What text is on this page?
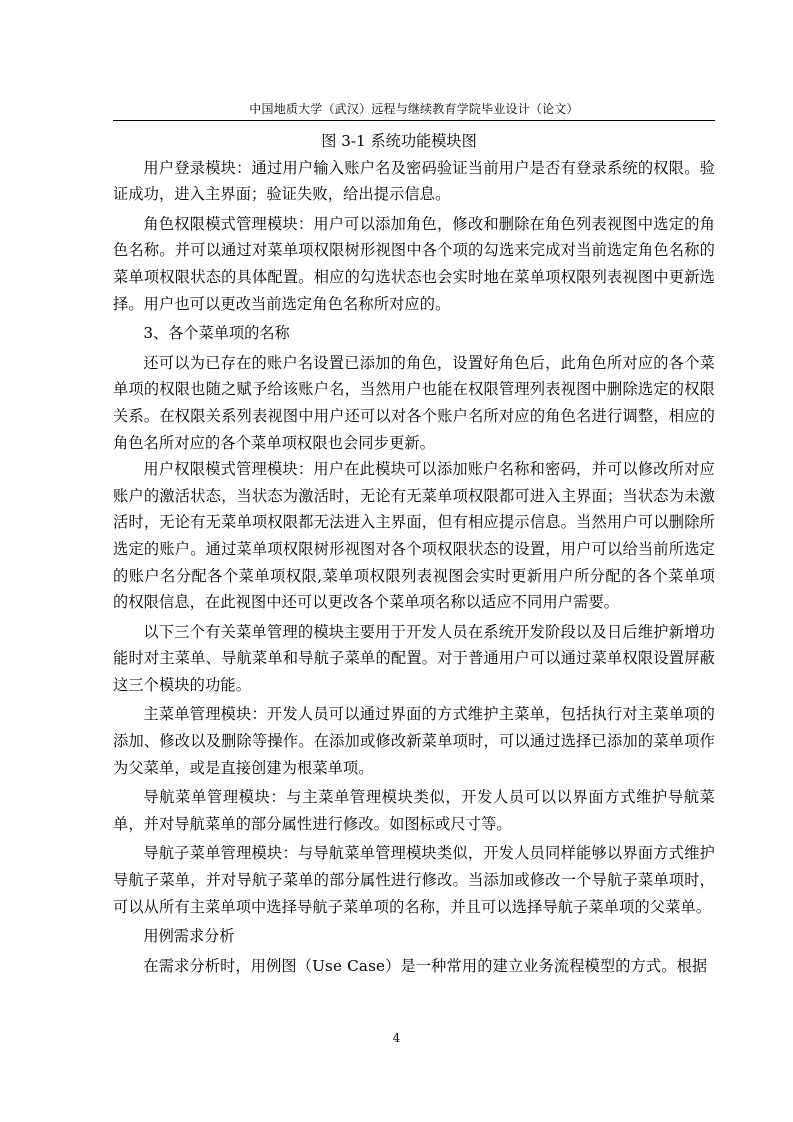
中国地质大学（武汉）远程与继续教育学院毕业设计（论文）

图 3-1 系统功能模块图

用户登录模块：通过用户输入账户名及密码验证当前用户是否有登录系统的权限。验证成功，进入主界面；验证失败，给出提示信息。

角色权限模式管理模块：用户可以添加角色，修改和删除在角色列表视图中选定的角色名称。并可以通过对菜单项权限树形视图中各个项的勾选来完成对当前选定角色名称的菜单项权限状态的具体配置。相应的勾选状态也会实时地在菜单项权限列表视图中更新选择。用户也可以更改当前选定角色名称所对应的。

3、各个菜单项的名称

还可以为已存在的账户名设置已添加的角色，设置好角色后，此角色所对应的各个菜单项的权限也随之赋予给该账户名，当然用户也能在权限管理列表视图中删除选定的权限关系。在权限关系列表视图中用户还可以对各个账户名所对应的角色名进行调整，相应的角色名所对应的各个菜单项权限也会同步更新。

用户权限模式管理模块：用户在此模块可以添加账户名称和密码，并可以修改所对应账户的激活状态，当状态为激活时，无论有无菜单项权限都可进入主界面；当状态为未激活时，无论有无菜单项权限都无法进入主界面，但有相应提示信息。当然用户可以删除所选定的账户。通过菜单项权限树形视图对各个项权限状态的设置，用户可以给当前所选定的账户名分配各个菜单项权限,菜单项权限列表视图会实时更新用户所分配的各个菜单项的权限信息，在此视图中还可以更改各个菜单项名称以适应不同用户需要。

以下三个有关菜单管理的模块主要用于开发人员在系统开发阶段以及日后维护新增功能时对主菜单、导航菜单和导航子菜单的配置。对于普通用户可以通过菜单权限设置屏蔽这三个模块的功能。

主菜单管理模块：开发人员可以通过界面的方式维护主菜单，包括执行对主菜单项的添加、修改以及删除等操作。在添加或修改新菜单项时，可以通过选择已添加的菜单项作为父菜单，或是直接创建为根菜单项。

导航菜单管理模块：与主菜单管理模块类似，开发人员可以以界面方式维护导航菜单，并对导航菜单的部分属性进行修改。如图标或尺寸等。

导航子菜单管理模块：与导航菜单管理模块类似，开发人员同样能够以界面方式维护导航子菜单，并对导航子菜单的部分属性进行修改。当添加或修改一个导航子菜单项时，可以从所有主菜单项中选择导航子菜单项的名称，并且可以选择导航子菜单项的父菜单。

用例需求分析

在需求分析时，用例图（Use Case）是一种常用的建立业务流程模型的方式。根据

4
